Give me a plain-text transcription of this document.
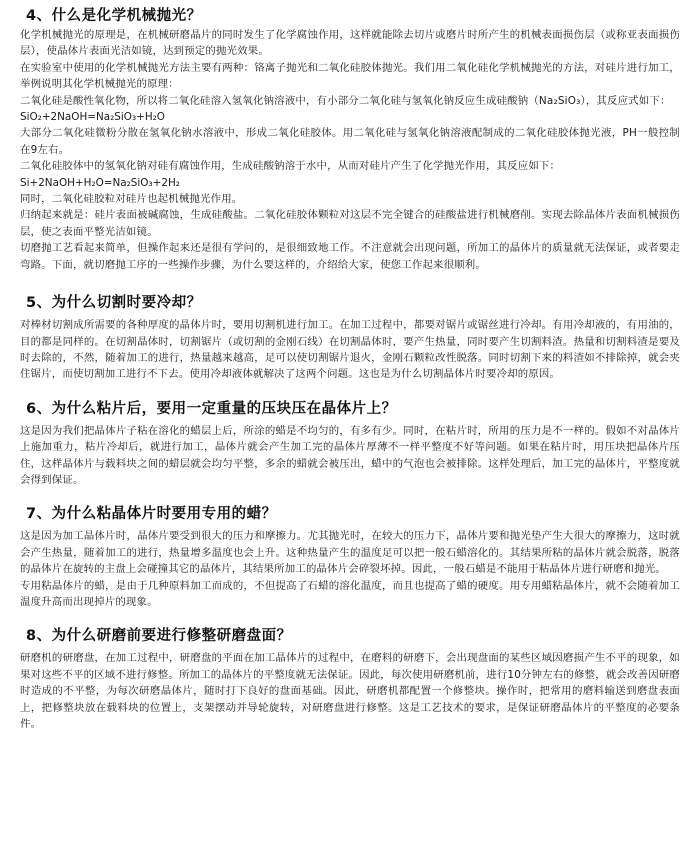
4、什么是化学机械抛光？

化学机械抛光的原理是，在机械研磨晶片的同时发生了化学腐蚀作用，这样就能除去切片或磨片时所产生的机械表面损伤层（或称亚表面损伤层），使晶体片表面光洁如镜，达到预定的抛光效果。

在实验室中使用的化学机械抛光方法主要有两种：铬离子抛光和二氧化硅胶体抛光。我们用二氧化硅化学机械抛光的方法，对硅片进行加工，举例说明其化学机械抛光的原理：

二氧化硅是酸性氧化物，所以将二氧化硅溶入氢氧化钠溶液中，有小部分二氧化硅与氢氧化钠反应生成硅酸钠（Na₂SiO₃），其反应式如下：

SiO₂+2NaOH=Na₂SiO₃+H₂O

大部分二氧化硅微粉分散在氢氧化钠水溶液中，形成二氧化硅胶体。用二氧化硅与氢氧化钠溶液配制成的二氧化硅胶体抛光液，PH一般控制在9左右。

二氧化硅胶体中的氢氧化钠对硅有腐蚀作用，生成硅酸钠溶于水中，从而对硅片产生了化学抛光作用，其反应如下：

Si+2NaOH+H₂O=Na₂SiO₃+2H₂

同时，二氧化硅胶粒对硅片也起机械抛光作用。

归纳起来就是：硅片表面被碱腐蚀，生成硅酸盐。二氧化硅胶体颗粒对这层不完全键合的硅酸盐进行机械磨削。实现去除晶体片表面机械损伤层，使之表面平整光洁如镜。

切磨抛工艺看起来简单，但操作起来还是很有学问的，是很细致地工作。不注意就会出现问题，所加工的晶体片的质量就无法保证，或者要走弯路。下面，就切磨抛工序的一些操作步骤，为什么要这样的，介绍给大家，使您工作起来很顺利。

5、为什么切割时要冷却？

对棒材切割成所需要的各种厚度的晶体片时，要用切割机进行加工。在加工过程中，都要对锯片或锯丝进行冷却。有用冷却液的，有用油的，目的都是同样的。在切割晶体时，切割锯片（或切割的金刚石线）在切割晶体时，要产生热量，同时要产生切割料渣。热量和切割料渣是要及时去除的，不然，随着加工的进行，热量越来越高，足可以使切割锯片退火，金刚石颗粒改性脱落。同时切割下来的料渣如不排除掉，就会夹住锯片，而使切割加工进行不下去。使用冷却液体就解决了这两个问题。这也是为什么切割晶体片时要冷却的原因。

6、为什么粘片后，要用一定重量的压块压在晶体片上？

这是因为我们把晶体片子粘在溶化的蜡层上后，所涂的蜡是不均匀的，有多有少。同时，在粘片时，所用的压力是不一样的。假如不对晶体片上施加重力，粘片冷却后，就进行加工，晶体片就会产生加工完的晶体片厚薄不一样平整度不好等问题。如果在粘片时，用压块把晶体片压住，这样晶体片与载料块之间的蜡层就会均匀平整，多余的蜡就会被压出，蜡中的气泡也会被排除。这样处理后，加工完的晶体片，平整度就会得到保证。

7、为什么粘晶体片时要用专用的蜡？

这是因为加工晶体片时，晶体片要受到很大的压力和摩擦力。尤其抛光时，在较大的压力下，晶体片要和抛光垫产生大很大的摩擦力，这时就会产生热量，随着加工的进行，热量增多温度也会上升。这种热量产生的温度足可以把一般石蜡溶化的。其结果所粘的晶体片就会脱落，脱落的晶体片在旋转的主盘上会碰撞其它的晶体片，其结果所加工的晶体片会碎裂坏掉。因此，一般石蜡是不能用于粘晶体片进行研磨和抛光。

专用粘晶体片的蜡，是由于几种原料加工而成的，不但提高了石蜡的溶化温度，而且也提高了蜡的硬度。用专用蜡粘晶体片，就不会随着加工温度升高而出现掉片的现象。

8、为什么研磨前要进行修整研磨盘面？

研磨机的研磨盘，在加工过程中，研磨盘的平面在加工晶体片的过程中，在磨料的研磨下，会出现盘面的某些区域因磨损产生不平的现象，如果对这些不平的区域不进行修整。所加工的晶体片的平整度就无法保证。因此，每次使用研磨机前，进行10分钟左右的修整，就会改善因研磨时造成的不平整，为每次研磨晶体片，随时打下良好的盘面基础。因此，研磨机都配置一个修整块。操作时，把常用的磨料输送到磨盘表面上，把修整块放在载料块的位置上，支架摆动并导轮旋转，对研磨盘进行修整。这是工艺技术的要求，是保证研磨晶体片的平整度的必要条件。
